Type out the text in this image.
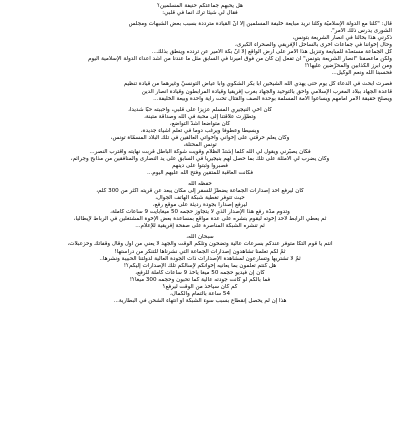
هل يحبهم جماعتكم حنيفة المسلمين؟
فقال لي شيئا ترك أنما في قلبي:
قال: "كلّنا مع الدولة الإسلاميّة وكلّنا نريد مبايعة خليفة المسلمين إلا أنّ القيادة مترددة بسبب بعض الشبهات ومجلس
الشورى يدرس ذلك الأمر".
ذكرني هذا بحالنا في أنصار الشريعة بتونس،
وحال إخواننا في جماعات أخرى بالساحل الإفريقي والصحراء الكبرى،
كلّ الجماعة مستعدّة للمبايعة وتنزيل هذا الأمر على أرض الواقع إلا أنّ بكّة الأمير عن تردده وينطق بذلك...
ولكن ماعصفنا "أنصار الشريعة بتونس" أن تفعل إن كان من فوق أميرنا في السابق مثل ما عندنا من أشد أعداء الدولة الإسلامية اليوم
ومن أبرز الكذابين والمحرّضين عليها؟!
فحسبنا الله ونعم الوكيل...
فصرت أبحث في الدعاء كلّ يوم حتى يهدي الله الشيخين أبا بكر الشكوي وأبا عياض التونسيّ وغيرهما من قيادة تنظيم
قاعدة الجهاد ببلاد المغرب الإسلامي وأحق بالتوحيد والجهاد بغرب إفريقيا وقيادة المرابطون وقيادة أنصار الدين
ويصلح حقيقة الأمر أمامهم ويساعوا الأمة المسلمة بوحدة الصف والقتال تحت راية واحدة وبيعة الخليفة...
كان أخي النيجيري المسلم عزيزا على قلبي، وأحببته حبّا شديدا،
وتطوّرت علاقتنا إلى محبة في الله وصداقة متينة،
كان متواضعا أشدّ التواضع،
وبسيطا وعطوفا ويرغب دوما في تعلّم أشياء جديدة،
وكان يعلم حرقتي على إخواني وأخواتي العالقين في تلك البلاد المسمّاة تونس،
تونس المحتلة،
فكان يصبّرني ويقول لي الله كلّما إشتدّ الظلام وقويت شوكة الباطل قربت نهايته واقترب النصر...
وكان يضرب لي الأمثلة على تلك بما حصل لهم بنيجيريا في السابق على يد النصارى والمنافقين من مذابح وجرائم،
فصبروا وثبتوا على دينهم
فكانت العاقبة للمتقين وفتح الله عليهم اليوم...
حفظه الله
كان ليرفع أحد إصدارات الجماعة يضطرّ للسفر إلى مكان يبعد عن قريته أكثر من 300 كلم،
حيث تتوفر تغطية شبكة الهاتف الجوال،
ليرفع إصداراً بجودة رديئة على موقع رفع،
وتدوم مدّة رفع هذا الإصدار الذي لا يتجاوز حجمه 50 ميغابايت 9 ساعات كاملة،
ثم يعطي الرابط لأحد إخوته ليقوم بنشره على عدة مواقع بمساعدة بعض الإخوة المشتغلين في الرباط لإيطاليا،
ثم تنشره الشبكة المناصرة على صفحة إفريقية للإعلام...
سبحان الله،
أنتم يا قوم التكا متوفر عندكم بسرعات عالية وتضحون وتلكم الوقت والجهد لا يعني من أول وقال وقفاتك وحزعبلات،
ثمّ لكم تعلّمنا تشاهدون إصدارات الجماعة التي نشرناها للتنكّر من دراستها!
ثمّ لا تشتريها وتسارعون لمشاهدة الإصدارات ذات الجودة العالية لدولتنا الحبيبة ونشرها..
هل كنتم تعلمون بما يعانيه إخوانكم لإسالكم تلك الإصدارات إليكم؟!
كان إن فيديو حجمه 50 ميغا يأخذ 9 ساعات كاملة للرفع،
فما بالكم لو كانت جودته عالية كما تحبون وحجمه 300 ميغا؟!
كم كان سيأخذ من الوقت ليرفع؟
54 ساعة بالتمام والكمال،
هذا إن لم يحصل إنقطاع بسبب سوء الشبكة أو انتهاء الشحن في البطّارية...
